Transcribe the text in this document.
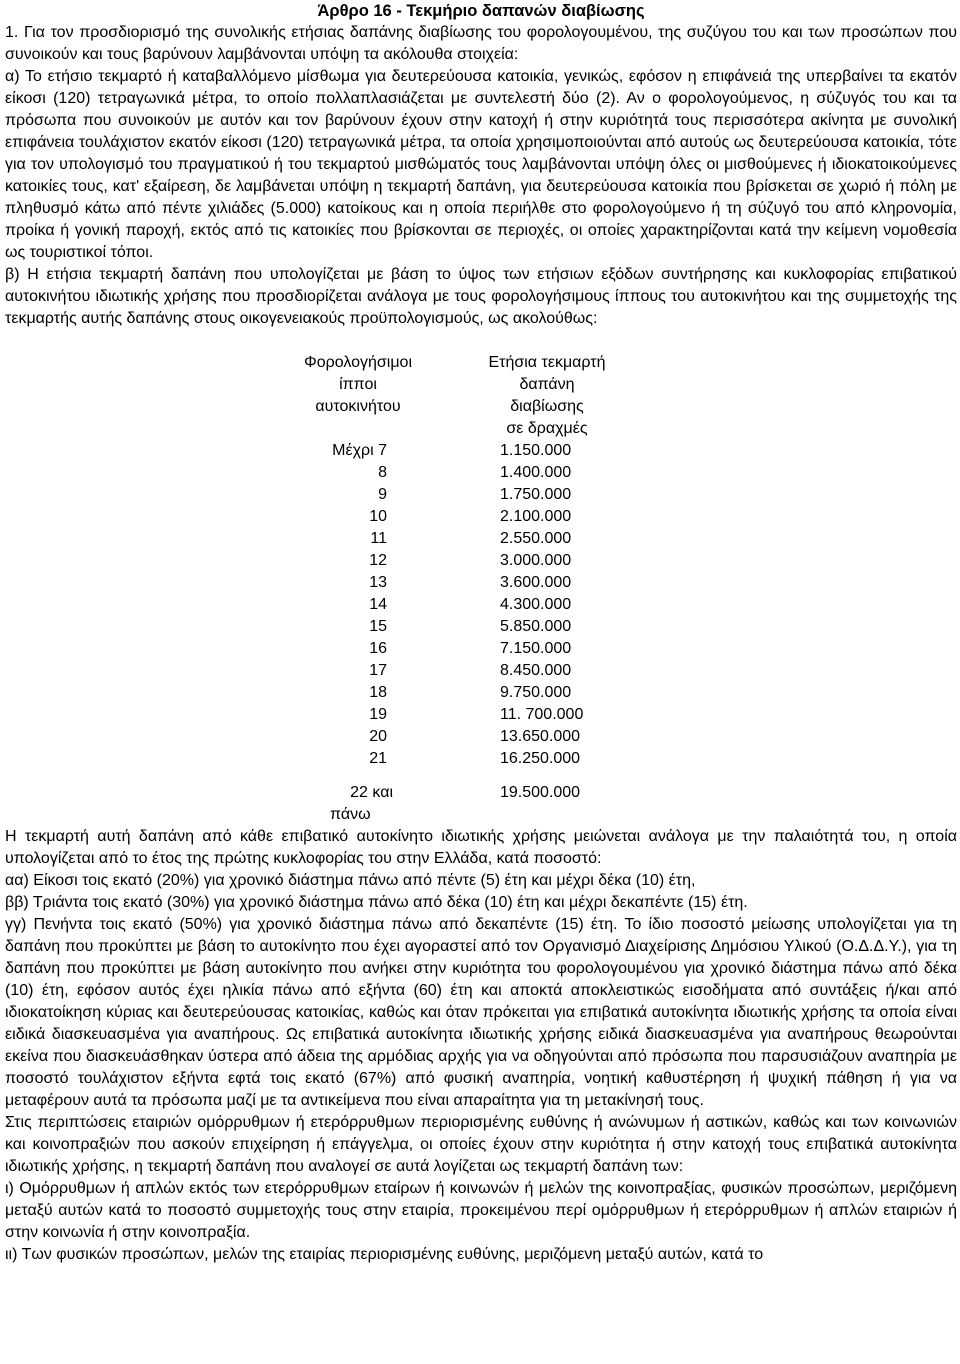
Άρθρο 16 - Τεκμήριο δαπανών διαβίωσης

1. Για τον προσδιορισμό της συνολικής ετήσιας δαπάνης διαβίωσης του φορολογουμένου, της συζύγου του και των προσώπων που συνοικούν και τους βαρύνουν λαμβάνονται υπόψη τα ακόλουθα στοιχεία:

α) Το ετήσιο τεκμαρτό ή καταβαλλόμενο μίσθωμα για δευτερεύουσα κατοικία, γενικώς, εφόσον η επιφάνειά της υπερβαίνει τα εκατόν είκοσι (120) τετραγωνικά μέτρα, το οποίο πολλαπλασιάζεται με συντελεστή δύο (2). Αν ο φορολογούμενος, η σύζυγός του και τα πρόσωπα που συνοικούν με αυτόν και τον βαρύνουν έχουν στην κατοχή ή στην κυριότητά τους περισσότερα ακίνητα με συνολική επιφάνεια τουλάχιστον εκατόν είκοσι (120) τετραγωνικά μέτρα, τα οποία χρησιμοποιούνται από αυτούς ως δευτερεύουσα κατοικία, τότε για τον υπολογισμό του πραγματικού ή του τεκμαρτού μισθώματός τους λαμβάνονται υπόψη όλες οι μισθούμενες ή ιδιοκατοικούμενες κατοικίες τους, κατ' εξαίρεση, δε λαμβάνεται υπόψη η τεκμαρτή δαπάνη, για δευτερεύουσα κατοικία που βρίσκεται σε χωριό ή πόλη με πληθυσμό κάτω από πέντε χιλιάδες (5.000) κατοίκους και η οποία περιήλθε στο φορολογούμενο ή τη σύζυγό του από κληρονομία, προίκα ή γονική παροχή, εκτός από τις κατοικίες που βρίσκονται σε περιοχές, οι οποίες χαρακτηρίζονται κατά την κείμενη νομοθεσία ως τουριστικοί τόποι.

β) Η ετήσια τεκμαρτή δαπάνη που υπολογίζεται με βάση το ύψος των ετήσιων εξόδων συντήρησης και κυκλοφορίας επιβατικού αυτοκινήτου ιδιωτικής χρήσης που προσδιορίζεται ανάλογα με τους φορολογήσιμους ίππους του αυτοκινήτου και της συμμετοχής της τεκμαρτής αυτής δαπάνης στους οικογενειακούς προϋπολογισμούς, ως ακολούθως:

Φορολογήσιμοι
ίπποι
αυτοκινήτου
Ετήσια τεκμαρτή
δαπάνη
διαβίωσης
σε δραχμές
Μέχρι 7	1.150.000
8	1.400.000
9	1.750.000
10	2.100.000
11	2.550.000
12	3.000.000
13	3.600.000
14	4.300.000
15	5.850.000
16	7.150.000
17	8.450.000
18	9.750.000
19	11. 700.000
20	13.650.000
21	16.250.000
22 και	19.500.000
πάνω

Η τεκμαρτή αυτή δαπάνη από κάθε επιβατικό αυτοκίνητο ιδιωτικής χρήσης μειώνεται ανάλογα με την παλαιότητά του, η οποία υπολογίζεται από το έτος της πρώτης κυκλοφορίας του στην Ελλάδα, κατά ποσοστό:

αα) Είκοσι τοις εκατό (20%) για χρονικό διάστημα πάνω από πέντε (5) έτη και μέχρι δέκα (10) έτη,

ββ) Τριάντα τοις εκατό (30%) για χρονικό διάστημα πάνω από δέκα (10) έτη και μέχρι δεκαπέντε (15) έτη.

γγ) Πενήντα τοις εκατό (50%) για χρονικό διάστημα πάνω από δεκαπέντε (15) έτη. Το ίδιο ποσοστό μείωσης υπολογίζεται για τη δαπάνη που προκύπτει με βάση το αυτοκίνητο που έχει αγοραστεί από τον Οργανισμό Διαχείρισης Δημόσιου Υλικού (Ο.Δ.Δ.Υ.), για τη δαπάνη που προκύπτει με βάση αυτοκίνητο που ανήκει στην κυριότητα του φορολογουμένου για χρονικό διάστημα πάνω από δέκα (10) έτη, εφόσον αυτός έχει ηλικία πάνω από εξήντα (60) έτη και αποκτά αποκλειστικώς εισοδήματα από συντάξεις ή/και από ιδιοκατοίκηση κύριας και δευτερεύουσας κατοικίας, καθώς και όταν πρόκειται για επιβατικά αυτοκίνητα ιδιωτικής χρήσης τα οποία είναι ειδικά διασκευασμένα για αναπήρους. Ως επιβατικά αυτοκίνητα ιδιωτικής χρήσης ειδικά διασκευασμένα για αναπήρους θεωρούνται εκείνα που διασκευάσθηκαν ύστερα από άδεια της αρμόδιας αρχής για να οδηγούνται από πρόσωπα που παρσυσιάζουν αναπηρία με ποσοστό τουλάχιστον εξήντα εφτά τοις εκατό (67%) από φυσική αναπηρία, νοητική καθυστέρηση ή ψυχική πάθηση ή για να μεταφέρουν αυτά τα πρόσωπα μαζί με τα αντικείμενα που είναι απαραίτητα για τη μετακίνησή τους.

Στις περιπτώσεις εταιριών ομόρρυθμων ή ετερόρρυθμων περιορισμένης ευθύνης ή ανώνυμων ή αστικών, καθώς και των κοινωνιών και κοινοπραξιών που ασκούν επιχείρηση ή επάγγελμα, οι οποίες έχουν στην κυριότητα ή στην κατοχή τους επιβατικά αυτοκίνητα ιδιωτικής χρήσης, η τεκμαρτή δαπάνη που αναλογεί σε αυτά λογίζεται ως τεκμαρτή δαπάνη των:

ι) Ομόρρυθμων ή απλών εκτός των ετερόρρυθμων εταίρων ή κοινωνών ή μελών της κοινοπραξίας, φυσικών προσώπων, μεριζόμενη μεταξύ αυτών κατά το ποσοστό συμμετοχής τους στην εταιρία, προκειμένου περί ομόρρυθμων ή ετερόρρυθμων ή απλών εταιριών ή στην κοινωνία ή στην κοινοπραξία.

ιι) Των φυσικών προσώπων, μελών της εταιρίας περιορισμένης ευθύνης, μεριζόμενη μεταξύ αυτών, κατά το
